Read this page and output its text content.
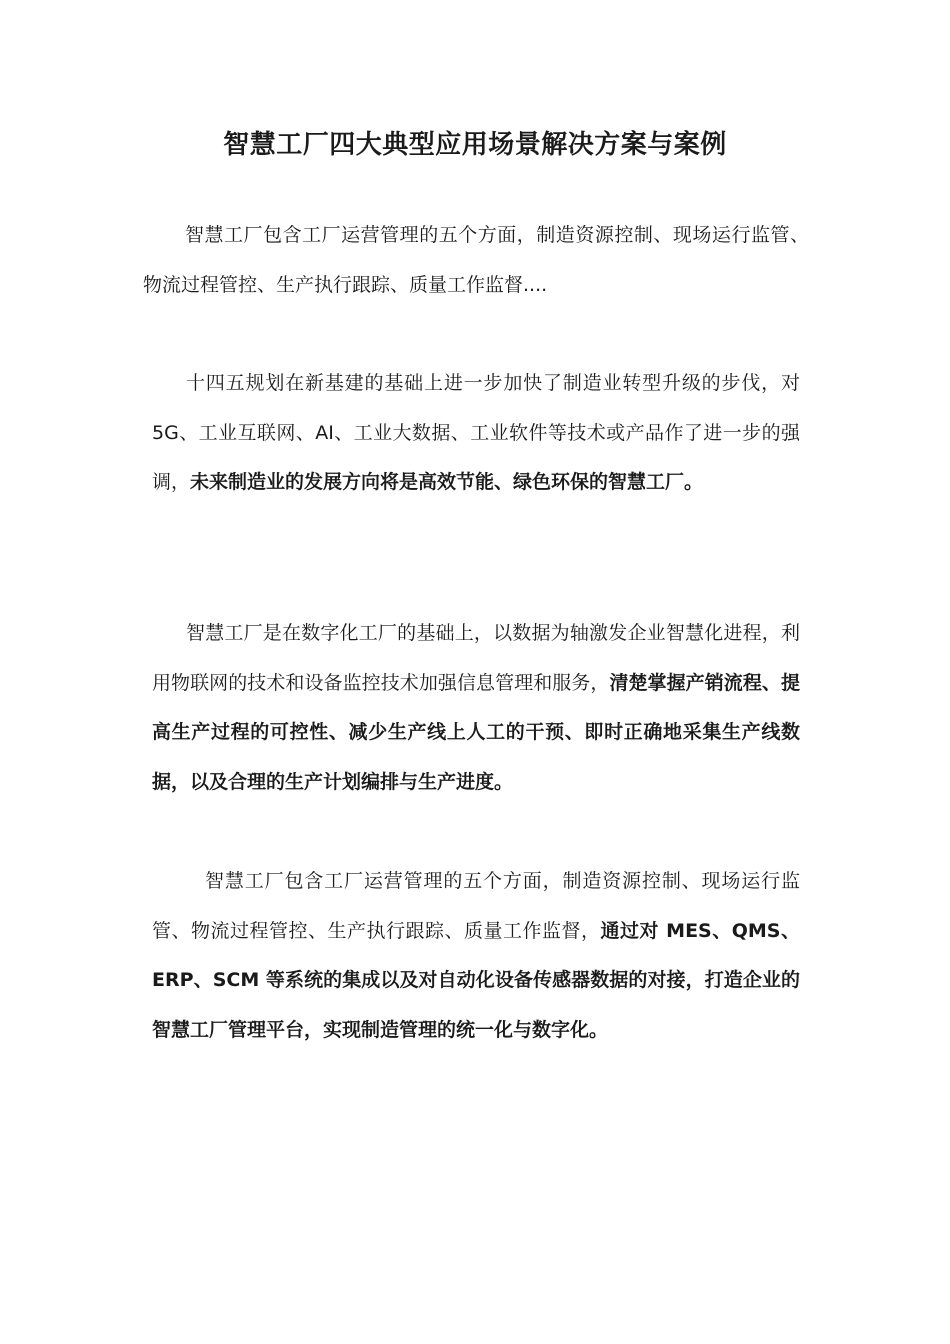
智慧工厂四大典型应用场景解决方案与案例

智慧工厂包含工厂运营管理的五个方面，制造资源控制、现场运行监管、物流过程管控、生产执行跟踪、质量工作监督....

十四五规划在新基建的基础上进一步加快了制造业转型升级的步伐，对 5G、工业互联网、AI、工业大数据、工业软件等技术或产品作了进一步的强调，未来制造业的发展方向将是高效节能、绿色环保的智慧工厂。

智慧工厂是在数字化工厂的基础上，以数据为轴激发企业智慧化进程，利用物联网的技术和设备监控技术加强信息管理和服务，清楚掌握产销流程、提高生产过程的可控性、减少生产线上人工的干预、即时正确地采集生产线数据，以及合理的生产计划编排与生产进度。

智慧工厂包含工厂运营管理的五个方面，制造资源控制、现场运行监管、物流过程管控、生产执行跟踪、质量工作监督，通过对 MES、QMS、ERP、SCM 等系统的集成以及对自动化设备传感器数据的对接，打造企业的智慧工厂管理平台，实现制造管理的统一化与数字化。
